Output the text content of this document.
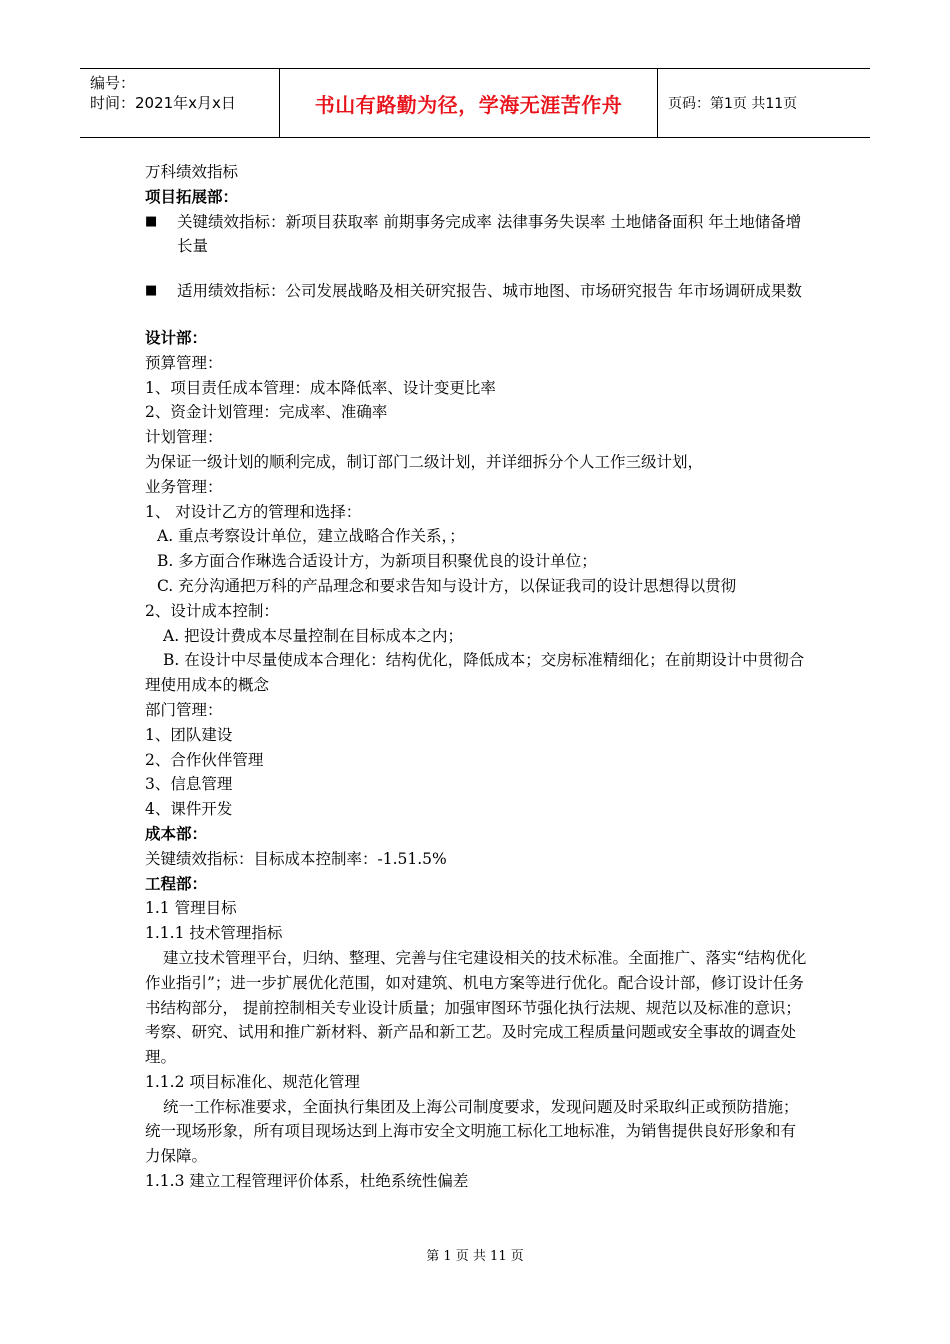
编号：
时间：2021年x月x日	书山有路勤为径，学海无涯苦作舟	页码：第1页 共11页

万科绩效指标

项目拓展部：

■	关键绩效指标：新项目获取率 前期事务完成率 法律事务失误率 土地储备面积 年土地储备增长量
■	适用绩效指标：公司发展战略及相关研究报告、城市地图、市场研究报告 年市场调研成果数

设计部：

预算管理：

1、项目责任成本管理：成本降低率、设计变更比率

2、资金计划管理：完成率、准确率

计划管理：

为保证一级计划的顺利完成，制订部门二级计划，并详细拆分个人工作三级计划，

业务管理：

1、 对设计乙方的管理和选择：

A. 重点考察设计单位，建立战略合作关系，；

B. 多方面合作琳选合适设计方，为新项目积聚优良的设计单位；

C. 充分沟通把万科的产品理念和要求告知与设计方，以保证我司的设计思想得以贯彻

2、设计成本控制：

A. 把设计费成本尽量控制在目标成本之内；

B. 在设计中尽量使成本合理化：结构优化，降低成本；交房标准精细化；在前期设计中贯彻合理使用成本的概念

部门管理：

1、团队建设

2、合作伙伴管理

3、信息管理

4、课件开发

成本部：

关键绩效指标：目标成本控制率：-1.51.5%

工程部：

1.1 管理目标

1.1.1 技术管理指标

建立技术管理平台，归纳、整理、完善与住宅建设相关的技术标准。全面推广、落实“结构优化作业指引”；进一步扩展优化范围，如对建筑、机电方案等进行优化。配合设计部，修订设计任务书结构部分， 提前控制相关专业设计质量；加强审图环节强化执行法规、规范以及标准的意识；考察、研究、试用和推广新材料、新产品和新工艺。及时完成工程质量问题或安全事故的调查处理。

1.1.2 项目标准化、规范化管理

统一工作标准要求，全面执行集团及上海公司制度要求，发现问题及时采取纠正或预防措施；统一现场形象，所有项目现场达到上海市安全文明施工标化工地标准，为销售提供良好形象和有力保障。

1.1.3 建立工程管理评价体系，杜绝系统性偏差

第 1 页 共 11 页
